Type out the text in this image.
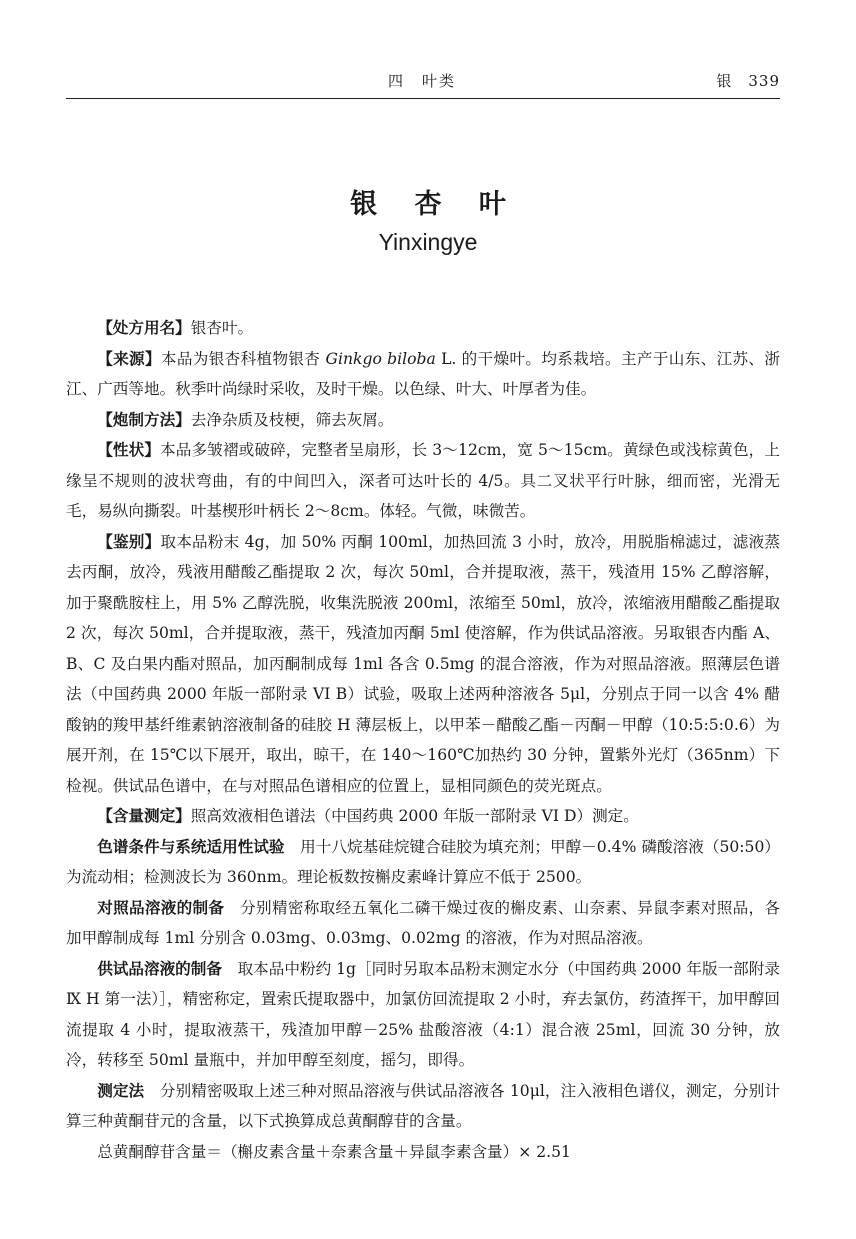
四　叶类	银　339
银 杏 叶
Yinxingye

【处方用名】银杏叶。

【来源】本品为银杏科植物银杏 Ginkgo biloba L. 的干燥叶。均系栽培。主产于山东、江苏、浙江、广西等地。秋季叶尚绿时采收，及时干燥。以色绿、叶大、叶厚者为佳。

【炮制方法】去净杂质及枝梗，筛去灰屑。

【性状】本品多皱褶或破碎，完整者呈扇形，长 3～12cm，宽 5～15cm。黄绿色或浅棕黄色，上缘呈不规则的波状弯曲，有的中间凹入，深者可达叶长的 4/5。具二叉状平行叶脉，细而密，光滑无毛，易纵向撕裂。叶基楔形叶柄长 2～8cm。体轻。气微，味微苦。

【鉴别】取本品粉末 4g，加 50% 丙酮 100ml，加热回流 3 小时，放冷，用脱脂棉滤过，滤液蒸去丙酮，放冷，残液用醋酸乙酯提取 2 次，每次 50ml，合并提取液，蒸干，残渣用 15% 乙醇溶解，加于聚酰胺柱上，用 5% 乙醇洗脱，收集洗脱液 200ml，浓缩至 50ml，放冷，浓缩液用醋酸乙酯提取 2 次，每次 50ml，合并提取液，蒸干，残渣加丙酮 5ml 使溶解，作为供试品溶液。另取银杏内酯 A、B、C 及白果内酯对照品，加丙酮制成每 1ml 各含 0.5mg 的混合溶液，作为对照品溶液。照薄层色谱法（中国药典 2000 年版一部附录 VI B）试验，吸取上述两种溶液各 5μl，分别点于同一以含 4% 醋酸钠的羧甲基纤维素钠溶液制备的硅胶 H 薄层板上，以甲苯－醋酸乙酯－丙酮－甲醇（10:5:5:0.6）为展开剂，在 15℃以下展开，取出，晾干，在 140～160℃加热约 30 分钟，置紫外光灯（365nm）下检视。供试品色谱中，在与对照品色谱相应的位置上，显相同颜色的荧光斑点。

【含量测定】照高效液相色谱法（中国药典 2000 年版一部附录 VI D）测定。

色谱条件与系统适用性试验　 用十八烷基硅烷键合硅胶为填充剂；甲醇－0.4% 磷酸溶液（50:50）为流动相；检测波长为 360nm。理论板数按槲皮素峰计算应不低于 2500。

对照品溶液的制备　 分别精密称取经五氧化二磷干燥过夜的槲皮素、山奈素、异鼠李素对照品，各加甲醇制成每 1ml 分别含 0.03mg、0.03mg、0.02mg 的溶液，作为对照品溶液。

供试品溶液的制备　 取本品中粉约 1g［同时另取本品粉末测定水分（中国药典 2000 年版一部附录Ⅸ H 第一法）］，精密称定，置索氏提取器中，加氯仿回流提取 2 小时，弃去氯仿，药渣挥干，加甲醇回流提取 4 小时，提取液蒸干，残渣加甲醇－25% 盐酸溶液（4:1）混合液 25ml，回流 30 分钟，放冷，转移至 50ml 量瓶中，并加甲醇至刻度，摇匀，即得。

测定法　 分别精密吸取上述三种对照品溶液与供试品溶液各 10μl，注入液相色谱仪，测定，分别计算三种黄酮苷元的含量，以下式换算成总黄酮醇苷的含量。

总黄酮醇苷含量＝（槲皮素含量＋奈素含量＋异鼠李素含量）× 2.51
